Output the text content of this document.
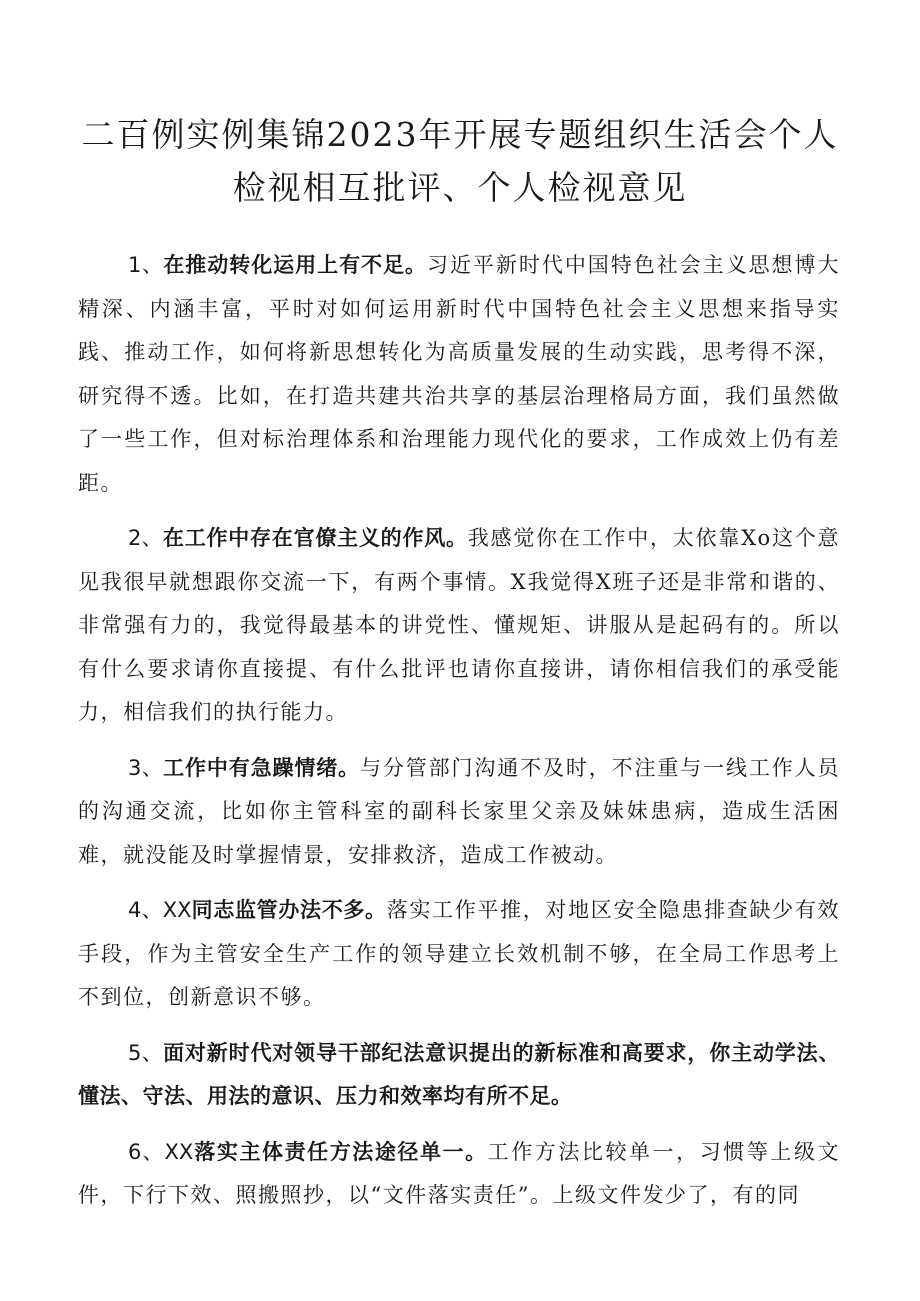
二百例实例集锦2023年开展专题组织生活会个人
检视相互批评、个人检视意见

1、在推动转化运用上有不足。习近平新时代中国特色社会主义思想博大精深、内涵丰富，平时对如何运用新时代中国特色社会主义思想来指导实践、推动工作，如何将新思想转化为高质量发展的生动实践，思考得不深，研究得不透。比如，在打造共建共治共享的基层治理格局方面，我们虽然做了一些工作，但对标治理体系和治理能力现代化的要求，工作成效上仍有差距。

2、在工作中存在官僚主义的作风。我感觉你在工作中，太依靠Xo这个意见我很早就想跟你交流一下，有两个事情。X我觉得X班子还是非常和谐的、非常强有力的，我觉得最基本的讲党性、懂规矩、讲服从是起码有的。所以有什么要求请你直接提、有什么批评也请你直接讲，请你相信我们的承受能力，相信我们的执行能力。

3、工作中有急躁情绪。与分管部门沟通不及时，不注重与一线工作人员的沟通交流，比如你主管科室的副科长家里父亲及妹妹患病，造成生活困难，就没能及时掌握情景，安排救济，造成工作被动。

4、XX同志监管办法不多。落实工作平推，对地区安全隐患排查缺少有效手段，作为主管安全生产工作的领导建立长效机制不够，在全局工作思考上不到位，创新意识不够。

5、面对新时代对领导干部纪法意识提出的新标准和高要求，你主动学法、懂法、守法、用法的意识、压力和效率均有所不足。

6、XX落实主体责任方法途径单一。工作方法比较单一，习惯等上级文件，下行下效、照搬照抄，以“文件落实责任”。上级文件发少了，有的同
